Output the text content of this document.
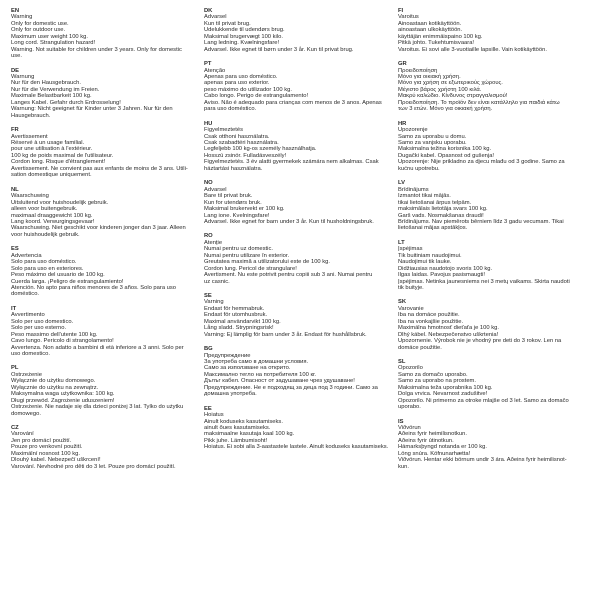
EN
Warning
Only for domestic use.
Only for outdoor use.
Maximum user weight 100 kg.
Long cord. Strangulation hazard!
Warning. Not suitable for children under 3 years. Only for domestic
use.
DE
Warnung
Nur für den Hausgebrauch.
Nur für die Verwendung im Freien.
Maximale Belastbarkeit 100 kg.
Langes Kabel. Gefahr durch Erdrosselung!
Warnung: Nicht geeignet für Kinder unter 3 Jahren. Nur für den
Hausgebrauch.
FR
Avertissement
Réservé à un usage familial.
pour une utilisation à l'extérieur.
100 kg de poids maximal de l'utilisateur.
Cordon long. Risque d'étranglement!
Avertissement. Ne convient pas aux enfants de moins de 3 ans. Utili-
sation domestique uniquement.
NL
Waarschuwing
Uitsluitend voor huishoudelijk gebruik.
alleen voor buitengebruik.
maximaal draaggewicht 100 kg.
Lang koord. Verwurgingsgevaar!
Waarschuwing. Niet geschikt voor kinderen jonger dan 3 jaar. Alleen
voor huishoudelijk gebruik.
ES
Advertencia
Solo para uso doméstico.
Solo para uso en exteriores.
Peso máximo del usuario de 100 kg.
Cuerda larga. ¡Peligro de estrangulamiento!
Atención. No apto para niños menores de 3 años. Solo para uso
doméstico.
IT
Avvertimento
Solo per uso domestico.
Solo per uso esterno.
Peso massimo dell'utente 100 kg.
Cavo lungo. Pericolo di strangolamento!
Avvertenza. Non adatto a bambini di età inferiore a 3 anni. Solo per
uso domestico.
PL
Ostrzeżenie
Wyłącznie do użytku domowego.
Wyłącznie do użytku na zewnątrz.
Maksymalna waga użytkownika: 100 kg.
Długi przewód. Zagrożenie uduszeniem!
Ostrzeżenie. Nie nadaje się dla dzieci poniżej 3 lat. Tylko do użytku
domowego.
CZ
Varování
Jen pro domácí použití.
Pouze pro venkovní použití.
Maximální nosnost 100 kg.
Dlouhý kabel. Nebezpečí uškrcení!
Varování. Nevhodné pro děti do 3 let. Pouze pro domácí použití.
DK
Advarsel
Kun til privat brug.
Udelukkende til udendørs brug.
Maksimal brugervægt 100 kilo.
Lang ledning. Kvælningsfare!
Advarsel. Ikke egnet til børn under 3 år. Kun til privat brug.
PT
Atenção
Apenas para uso doméstico.
apenas para uso exterior.
peso máximo do utilizador 100 kg.
Cabo longo. Perigo de estrangulamento!
Aviso. Não é adequado para crianças com menos de 3 anos. Apenas
para uso doméstico.
HU
Figyelmeztetés
Csak otthoni használatra.
Csak szabadtéri használatra.
Legfeljebb 100 kg-os személy használhatja.
Hosszú zsinór. Fulladásveszély!
Figyelmeztetés. 3 év alatti gyermekek számára nem alkalmas. Csak
háztartási használatra.
NO
Advarsel
Bare til privat bruk.
Kun for utendørs bruk.
Maksimal brukervekt er 100 kg.
Lang ione. Kvelningsfare!
Advarsel. Ikke egnet for barn under 3 år. Kun til husholdningsbruk.
RO
Atenție
Numai pentru uz domestic.
Numai pentru utilizare în exterior.
Greutatea maximă a utilizatorului este de 100 kg.
Cordon lung. Pericol de strangulare!
Avertisment. Nu este potrivit pentru copiii sub 3 ani. Numai pentru
uz casnic.
SE
Varning
Endast för hemmabruk.
Endast för utomhusbruk.
Maximal användarvikt 100 kg.
Lång sladd. Strypningsrisk!
Varning: Ej lämplig för barn under 3 år. Endast för hushållsbruk.
BG
Предупреждение
За употреба само в домашни условия.
Само за използване на открито.
Максимално тегло на потребителя 100 кг.
Дълъг кабел. Опасност от задушаване чрез удушаване!
Предупреждение. Не е подходящ за деца под 3 години. Само за
домашна употреба.
EE
Hoiatus
Ainult koduseks kasutamiseks.
ainult õues kasutamiseks.
maksimaalne kasutaja kaal 100 kg.
Pikk juhe. Lämbumisoht!
Hoiatus. Ei sobi alla 3-aastastele lastele. Ainult koduseks kasutamiseks.
FI
Varoitus
Ainoastaan kotikäyttöön.
ainoastaan ulkokäyttöön.
käyttäjän enimmäispaino 100 kg.
Pitkä johto. Tukehtumisvaara!
Varoitus. Ei sovi alle 3-vuotiaille lapsille. Vain kotikäyttöön.
GR
Προειδοποίηση
Μόνο για οικιακή χρήση.
Μόνο για χρήση σε εξωτερικούς χώρους.
Μέγιστο βάρος χρήστη 100 κιλά.
Μακρύ καλώδιο. Κίνδυνος στραγγαλισμού!
Προειδοποίηση. Το προϊόν δεν είναι κατάλληλο για παιδιά κάτω
των 3 ετών. Μόνο για οικιακή χρήση.
HR
Upozorenje
Samo za uporabu u domu.
Samo za vanjsku uporabu.
Maksimalna težina korisnika 100 kg.
Dugački kabel. Opasnost od gušenja!
Upozorenje: Nije prikladno za djecu mlađu od 3 godine. Samo za
kućnu upotrebu.
LV
Brīdinājums
Izmantot tikai mājās.
tikai lietošanai ārpus telpām.
maksimālais lietotāja svars 100 kg.
Garš vads. Nosmakšanas draudi!
Brīdinājums. Nav piemērots bērniem līdz 3 gadu vecumam. Tikai
lietošanai mājas apstākļos.
LT
Įspėjimas
Tik buitiniam naudojimui.
Naudojimui tik lauke.
Didžiausias naudotojo svoris 100 kg.
Ilgas laidas. Pavojus pasismaugti!
Įspėjimas. Netinka jaunesniems nei 3 metų vaikams. Skirta naudoti
tik buityje.
SK
Varovanie
Iba na domáce použitie.
Iba na vonkajšie použitie.
Maximálna hmotnosť dieťaťa je 100 kg.
Dlhý kábel. Nebezpečenstvo uškrtenia!
Upozornenie. Výrobok nie je vhodný pre deti do 3 rokov. Len na
domáce použitie.
SL
Opozorilo
Samo za domačo uporabo.
Samo za uporabo na prostem.
Maksimalna teža uporabnika 100 kg.
Dolga vrvica. Nevarnost zadušitve!
Opozorilo. Ni primerno za otroke mlajše od 3 let. Samo za domačo
uporabo.
IS
Viðvörun
Aðeins fyrir heimilisnotkun.
Aðeins fyrir útinotkun.
Hámarksþyngd notanda er 100 kg.
Löng snúra. Köfnunarhætta!
Viðvörun. Hentar ekki börnum undir 3 ára. Aðeins fyrir heimilisnot-
kun.
